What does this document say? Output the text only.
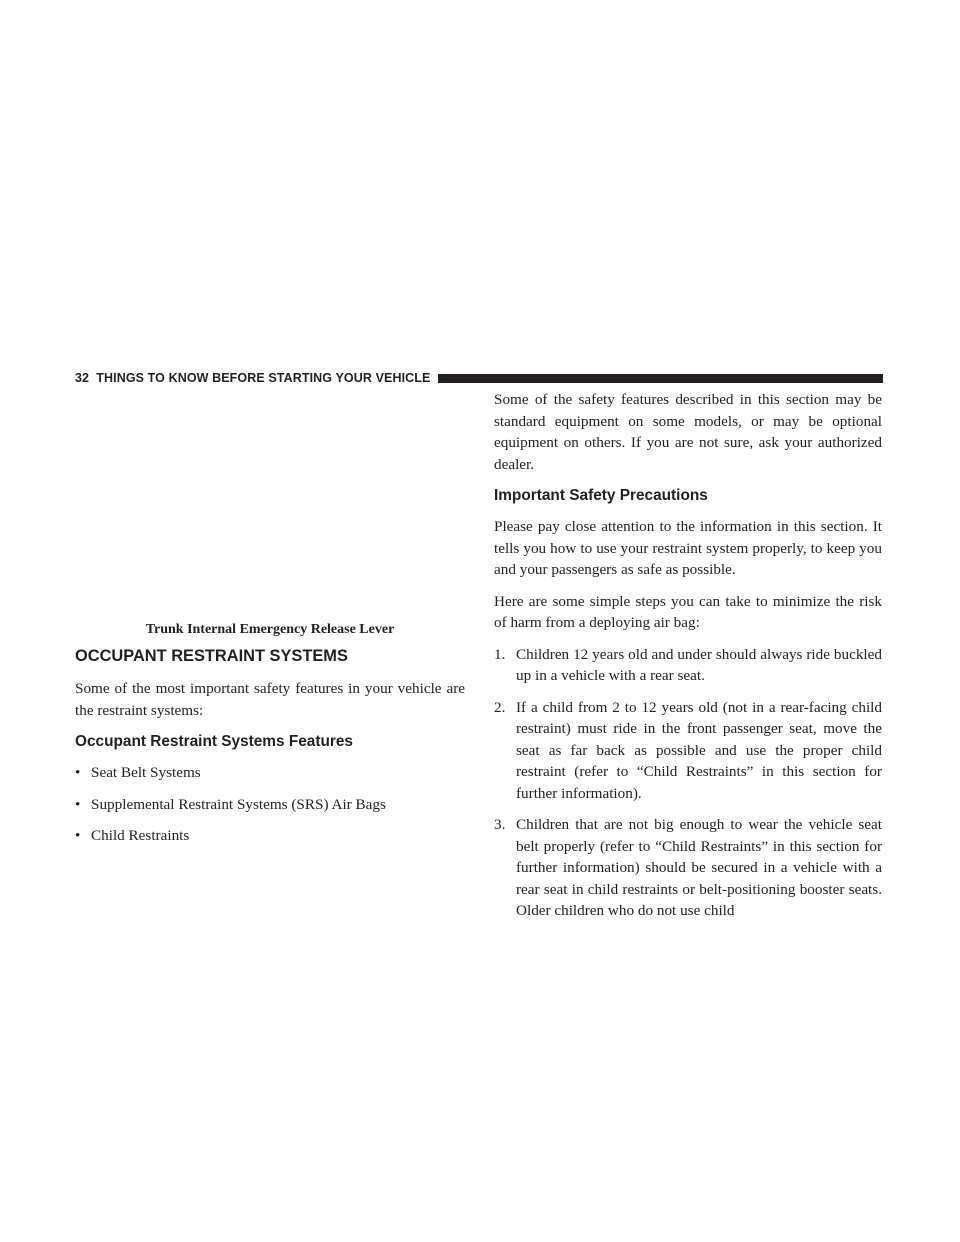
32 THINGS TO KNOW BEFORE STARTING YOUR VEHICLE
Trunk Internal Emergency Release Lever
OCCUPANT RESTRAINT SYSTEMS

Some of the most important safety features in your vehicle are the restraint systems:

Occupant Restraint Systems Features
• Seat Belt Systems
• Supplemental Restraint Systems (SRS) Air Bags
• Child Restraints

Some of the safety features described in this section may be standard equipment on some models, or may be optional equipment on others. If you are not sure, ask your authorized dealer.

Important Safety Precautions

Please pay close attention to the information in this section. It tells you how to use your restraint system properly, to keep you and your passengers as safe as possible.

Here are some simple steps you can take to minimize the risk of harm from a deploying air bag:

1. Children 12 years old and under should always ride buckled up in a vehicle with a rear seat.
2. If a child from 2 to 12 years old (not in a rear-facing child restraint) must ride in the front passenger seat, move the seat as far back as possible and use the proper child restraint (refer to “Child Restraints” in this section for further information).
3. Children that are not big enough to wear the vehicle seat belt properly (refer to “Child Restraints” in this section for further information) should be secured in a vehicle with a rear seat in child restraints or belt-positioning booster seats. Older children who do not use child
